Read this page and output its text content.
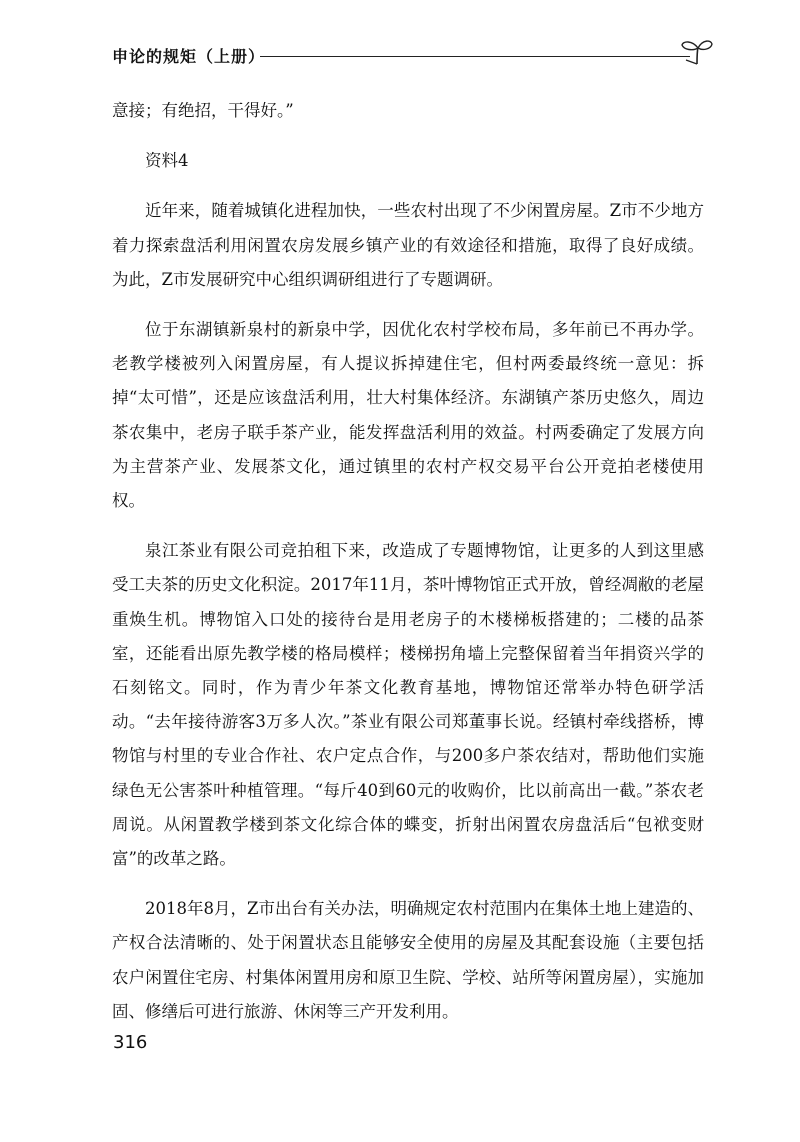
申论的规矩（上册）

意接；有绝招，干得好。”

资料4

近年来，随着城镇化进程加快，一些农村出现了不少闲置房屋。Z市不少地方着力探索盘活利用闲置农房发展乡镇产业的有效途径和措施，取得了良好成绩。为此，Z市发展研究中心组织调研组进行了专题调研。

位于东湖镇新泉村的新泉中学，因优化农村学校布局，多年前已不再办学。老教学楼被列入闲置房屋，有人提议拆掉建住宅，但村两委最终统一意见：拆掉“太可惜”，还是应该盘活利用，壮大村集体经济。东湖镇产茶历史悠久，周边茶农集中，老房子联手茶产业，能发挥盘活利用的效益。村两委确定了发展方向为主营茶产业、发展茶文化，通过镇里的农村产权交易平台公开竞拍老楼使用权。

泉江茶业有限公司竞拍租下来，改造成了专题博物馆，让更多的人到这里感受工夫茶的历史文化积淀。2017年11月，茶叶博物馆正式开放，曾经凋敝的老屋重焕生机。博物馆入口处的接待台是用老房子的木楼梯板搭建的；二楼的品茶室，还能看出原先教学楼的格局模样；楼梯拐角墙上完整保留着当年捐资兴学的石刻铭文。同时，作为青少年茶文化教育基地，博物馆还常举办特色研学活动。“去年接待游客3万多人次。”茶业有限公司郑董事长说。经镇村牵线搭桥，博物馆与村里的专业合作社、农户定点合作，与200多户茶农结对，帮助他们实施绿色无公害茶叶种植管理。“每斤40到60元的收购价，比以前高出一截。”茶农老周说。从闲置教学楼到茶文化综合体的蝶变，折射出闲置农房盘活后“包袱变财富”的改革之路。

2018年8月，Z市出台有关办法，明确规定农村范围内在集体土地上建造的、产权合法清晰的、处于闲置状态且能够安全使用的房屋及其配套设施（主要包括农户闲置住宅房、村集体闲置用房和原卫生院、学校、站所等闲置房屋），实施加固、修缮后可进行旅游、休闲等三产开发利用。

316
